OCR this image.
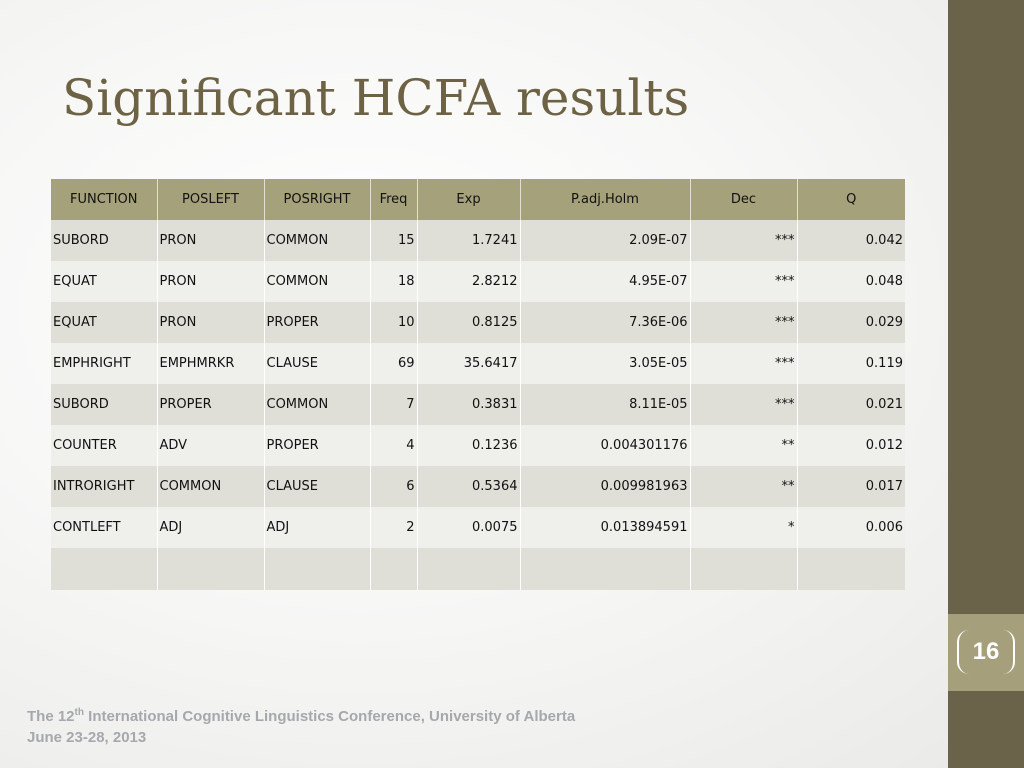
16
Significant HCFA results
FUNCTION	POSLEFT	POSRIGHT	Freq	Exp	P.adj.Holm	Dec	Q
SUBORD	PRON	COMMON	15	1.7241	2.09E-07	***	0.042
EQUAT	PRON	COMMON	18	2.8212	4.95E-07	***	0.048
EQUAT	PRON	PROPER	10	0.8125	7.36E-06	***	0.029
EMPHRIGHT	EMPHMRKR	CLAUSE	69	35.6417	3.05E-05	***	0.119
SUBORD	PROPER	COMMON	7	0.3831	8.11E-05	***	0.021
COUNTER	ADV	PROPER	4	0.1236	0.004301176	**	0.012
INTRORIGHT	COMMON	CLAUSE	6	0.5364	0.009981963	**	0.017
CONTLEFT	ADJ	ADJ	2	0.0075	0.013894591	*	0.006

The 12th International Cognitive Linguistics Conference, University of Alberta
June 23-28, 2013
